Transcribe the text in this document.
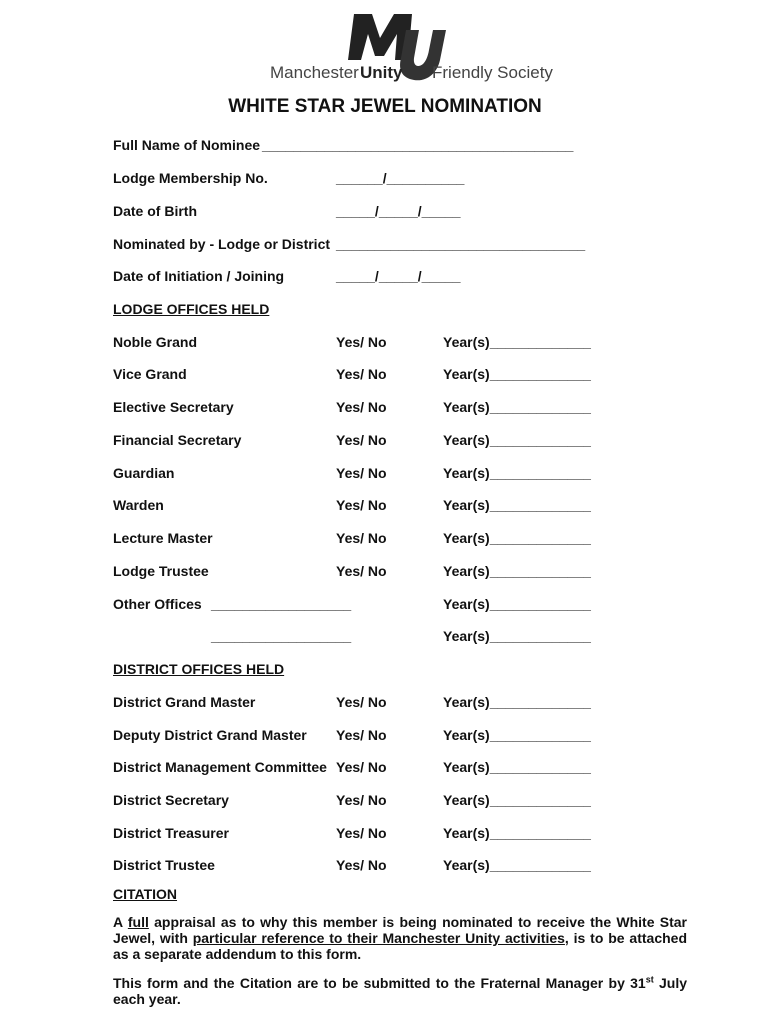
Manchester Unity Friendly Society
WHITE STAR JEWEL NOMINATION
Full Name of Nominee ________________________________________
Lodge Membership No.	______/__________
Date of Birth	_____/_____/_____
Nominated by - Lodge or District ________________________________
Date of Initiation / Joining	_____/_____/_____
LODGE OFFICES HELD
Noble Grand	Yes/ No	Year(s)_____________
Vice Grand	Yes/ No	Year(s)_____________
Elective Secretary	Yes/ No	Year(s)_____________
Financial Secretary	Yes/ No	Year(s)_____________
Guardian	Yes/ No	Year(s)_____________
Warden	Yes/ No	Year(s)_____________
Lecture Master	Yes/ No	Year(s)_____________
Lodge Trustee	Yes/ No	Year(s)_____________
Other Offices __________________	Year(s)_____________
__________________	Year(s)_____________
DISTRICT OFFICES HELD
District Grand Master	Yes/ No	Year(s)_____________
Deputy District Grand Master Yes/ No	Year(s)_____________
District Management Committee Yes/ No	Year(s)_____________
District Secretary	Yes/ No	Year(s)_____________
District Treasurer	Yes/ No	Year(s)_____________
District Trustee	Yes/ No	Year(s)_____________
CITATION
A full appraisal as to why this member is being nominated to receive the White Star Jewel, with particular reference to their Manchester Unity activities, is to be attached as a separate addendum to this form.
This form and the Citation are to be submitted to the Fraternal Manager by 31st July each year.
